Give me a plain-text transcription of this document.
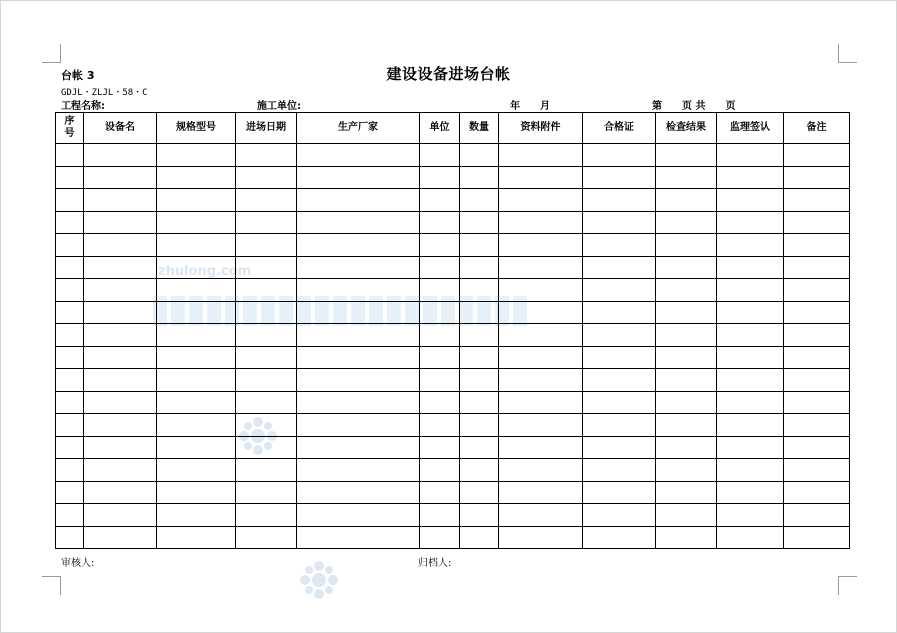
zhulong.com
台帐 3	建设设备进场台帐
GDJL・ZLJL・58・C
工程名称:	施工单位:	年　　月	第　　页 共　　页
序
号	设备名	规格型号	进场日期	生产厂家	单位	数量	资料附件	合格证	检查结果	监理签认	备注

审核人:	归档人:
